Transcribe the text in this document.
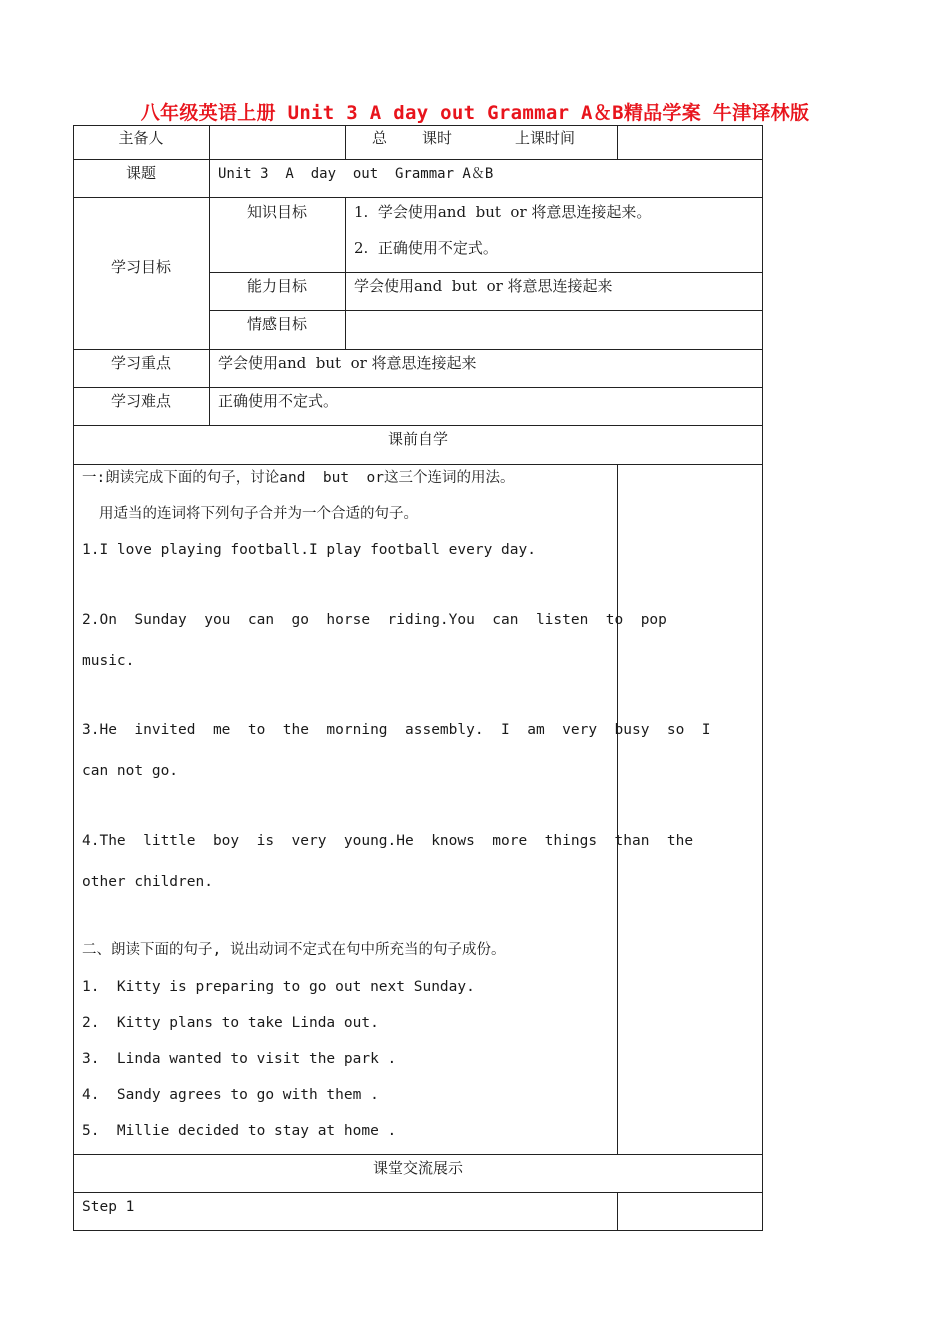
八年级英语上册 Unit 3 A day out Grammar A＆B精品学案 牛津译林版
主备人	总 课时	上课时间
课题	Unit 3  A  day  out  Grammar A＆B
学习目标
知识目标	1.  学会使用and  but  or 将意思连接起来。
2.  正确使用不定式。
能力目标	学会使用and  but  or 将意思连接起来
情感目标
学习重点	学会使用and  but  or 将意思连接起来
学习难点	正确使用不定式。
课前自学
一:朗读完成下面的句子，讨论and  but  or这三个连词的用法。
用适当的连词将下列句子合并为一个合适的句子。
1.I love playing football.I play football every day.
2.On  Sunday  you  can  go  horse  riding.You  can  listen  to  pop
music.
3.He  invited  me  to  the  morning  assembly.  I  am  very  busy  so  I
can not go.
4.The  little  boy  is  very  young.He  knows  more  things  than  the
other children.
二、朗读下面的句子, 说出动词不定式在句中所充当的句子成份。
1.  Kitty is preparing to go out next Sunday.
2.  Kitty plans to take Linda out.
3.  Linda wanted to visit the park .
4.  Sandy agrees to go with them .
5.  Millie decided to stay at home .
课堂交流展示
Step 1
